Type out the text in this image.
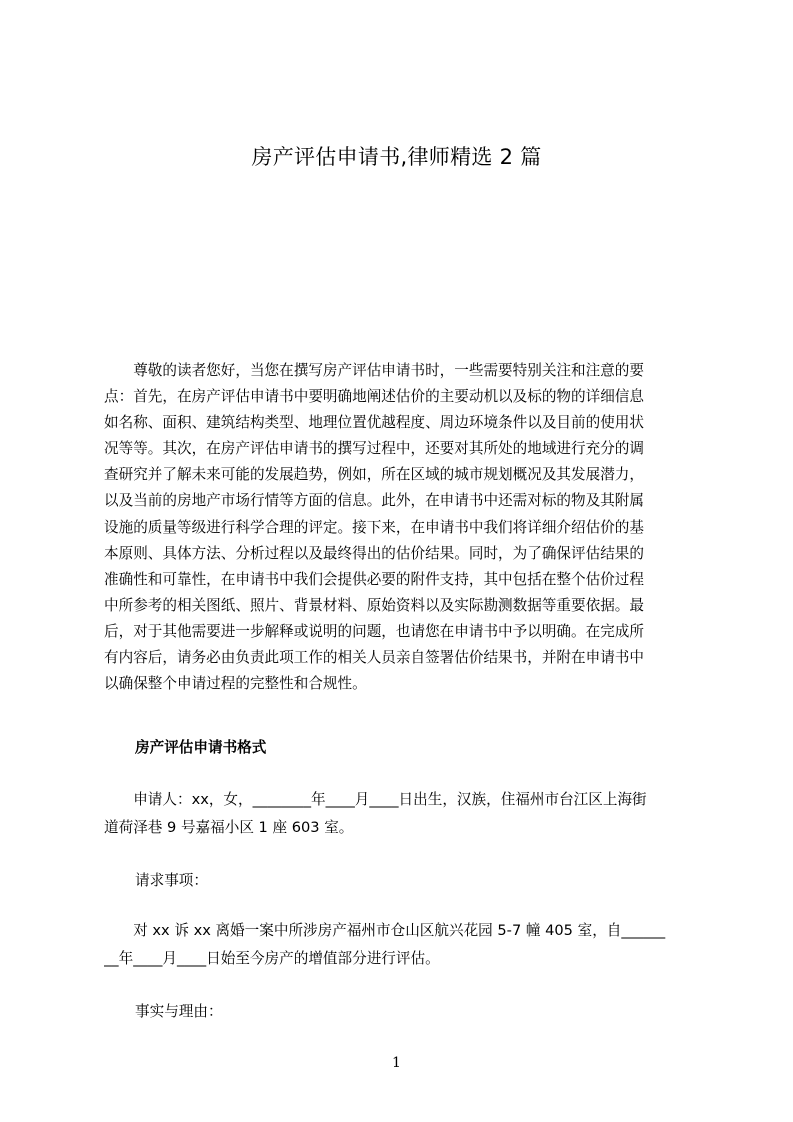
房产评估申请书,律师精选 2 篇
　　尊敬的读者您好，当您在撰写房产评估申请书时，一些需要特别关注和注意的要
点：首先，在房产评估申请书中要明确地阐述估价的主要动机以及标的物的详细信息
如名称、面积、建筑结构类型、地理位置优越程度、周边环境条件以及目前的使用状
况等等。其次，在房产评估申请书的撰写过程中，还要对其所处的地域进行充分的调
查研究并了解未来可能的发展趋势，例如，所在区域的城市规划概况及其发展潜力，
以及当前的房地产市场行情等方面的信息。此外，在申请书中还需对标的物及其附属
设施的质量等级进行科学合理的评定。接下来，在申请书中我们将详细介绍估价的基
本原则、具体方法、分析过程以及最终得出的估价结果。同时，为了确保评估结果的
准确性和可靠性，在申请书中我们会提供必要的附件支持，其中包括在整个估价过程
中所参考的相关图纸、照片、背景材料、原始资料以及实际勘测数据等重要依据。最
后，对于其他需要进一步解释或说明的问题，也请您在申请书中予以明确。在完成所
有内容后，请务必由负责此项工作的相关人员亲自签署估价结果书，并附在申请书中
以确保整个申请过程的完整性和合规性。
房产评估申请书格式
　　申请人：xx，女，________年____月____日出生，汉族，住福州市台江区上海街
道荷泽巷 9 号嘉福小区 1 座 603 室。

请求事项：

　　对 xx 诉 xx 离婚一案中所涉房产福州市仓山区航兴花园 5-7 幢 405 室，自______
__年____月____日始至今房产的增值部分进行评估。

事实与理由：

1
